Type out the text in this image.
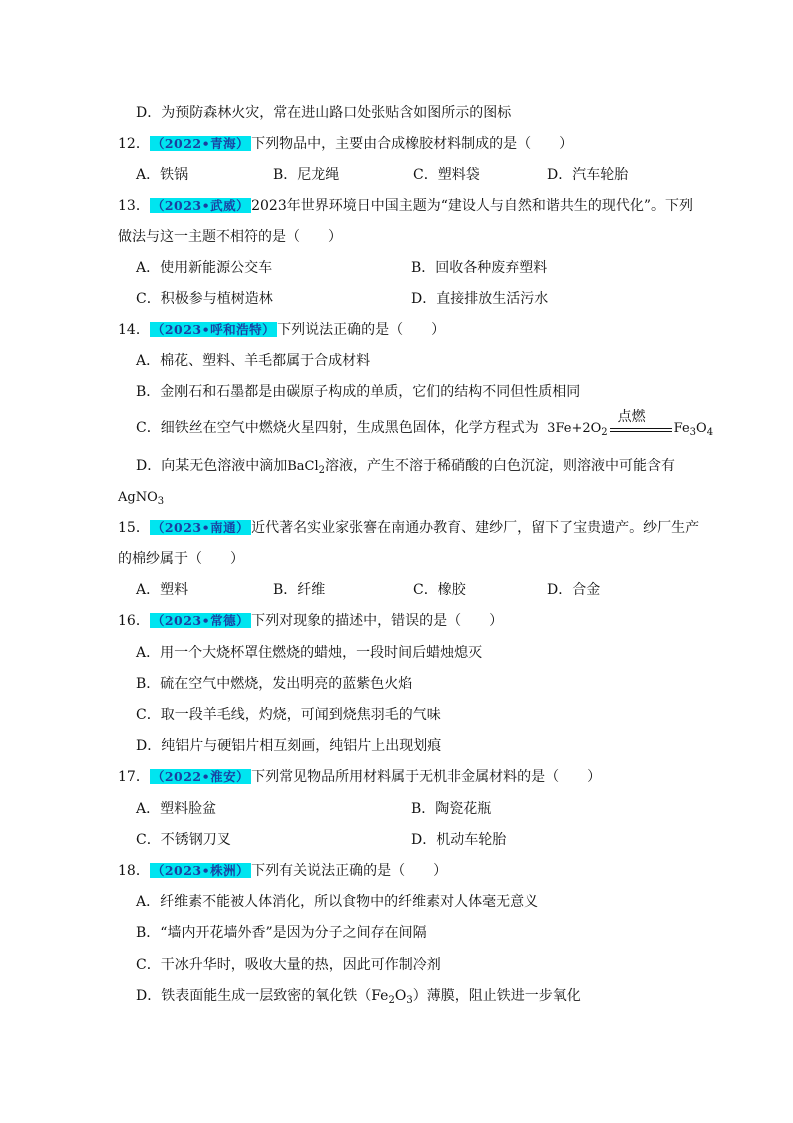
D．为预防森林火灾，常在进山路口处张贴含如图所示的图标
12． （2022•青海） 下列物品中，主要由合成橡胶材料制成的是（　　）
A．铁锅	B．尼龙绳	C．塑料袋	D．汽车轮胎
13． （2023•武威） 2023年世界环境日中国主题为“建设人与自然和谐共生的现代化”。下列
做法与这一主题不相符的是（　　）
A．使用新能源公交车	B．回收各种废弃塑料
C．积极参与植树造林	D．直接排放生活污水
14． （2023•呼和浩特） 下列说法正确的是（　　）
A．棉花、塑料、羊毛都属于合成材料
B．金刚石和石墨都是由碳原子构成的单质，它们的结构不同但性质相同
C．细铁丝在空气中燃烧火星四射，生成黑色固体，化学方程式为 $3Fe+2O_2$
点燃
$Fe_3O_4$
D．向某无色溶液中滴加BaCl$_2$溶液，产生不溶于稀硝酸的白色沉淀，则溶液中可能含有
AgNO$_3$
15． （2023•南通） 近代著名实业家张謇在南通办教育、建纱厂，留下了宝贵遗产。纱厂生产
的棉纱属于（　　）
A．塑料	B．纤维	C．橡胶	D．合金
16． （2023•常德） 下列对现象的描述中，错误的是（　　）
A．用一个大烧杯罩住燃烧的蜡烛，一段时间后蜡烛熄灭
B．硫在空气中燃烧，发出明亮的蓝紫色火焰
C．取一段羊毛线，灼烧，可闻到烧焦羽毛的气味
D．纯铝片与硬铝片相互刻画，纯铝片上出现划痕
17． （2022•淮安） 下列常见物品所用材料属于无机非金属材料的是（　　）
A．塑料脸盆	B．陶瓷花瓶
C．不锈钢刀叉	D．机动车轮胎
18． （2023•株洲） 下列有关说法正确的是（　　）
A．纤维素不能被人体消化，所以食物中的纤维素对人体毫无意义
B．“墙内开花墙外香”是因为分子之间存在间隔
C．干冰升华时，吸收大量的热，因此可作制冷剂
D．铁表面能生成一层致密的氧化铁$(Fe_2O_3)$薄膜，阻止铁进一步氧化
